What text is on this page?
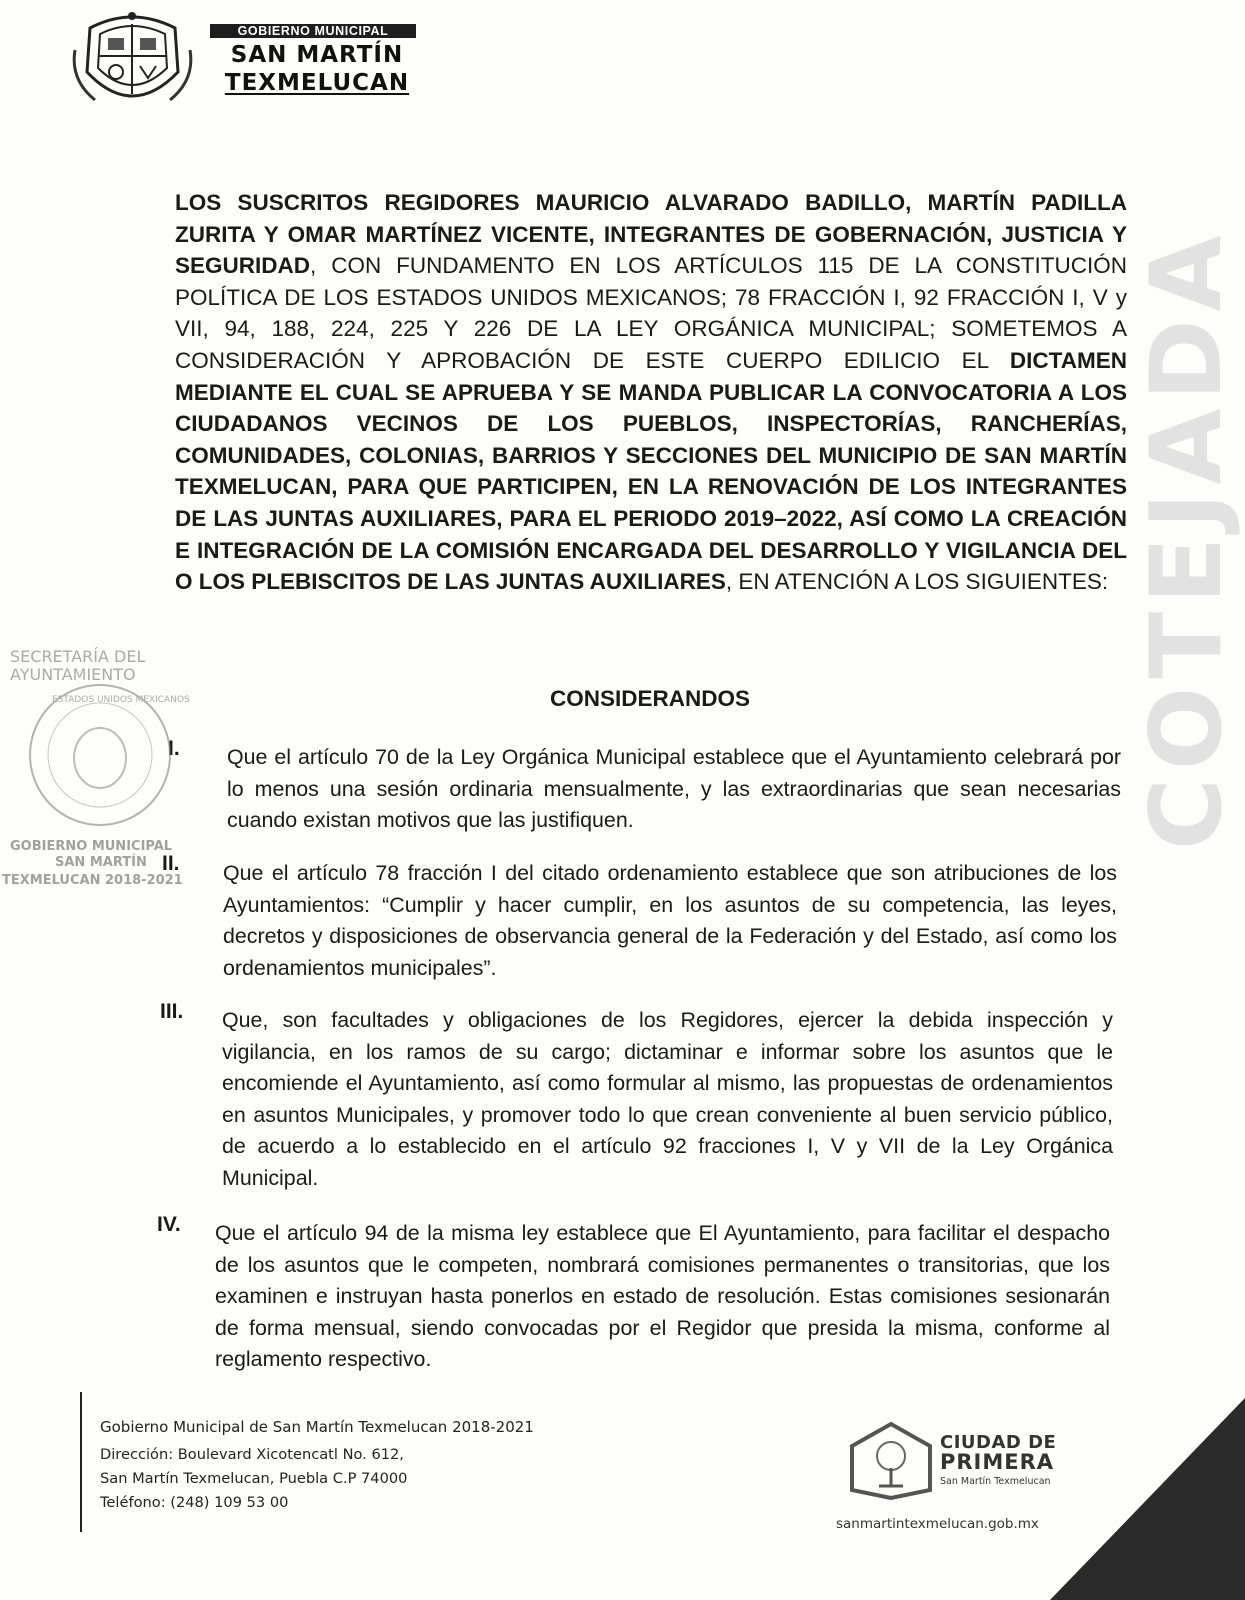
GOBIERNO MUNICIPAL
SAN MARTÍN
TEXMELUCAN
COTEJADA
LOS SUSCRITOS REGIDORES MAURICIO ALVARADO BADILLO, MARTÍN PADILLA ZURITA Y OMAR MARTÍNEZ VICENTE, INTEGRANTES DE GOBERNACIÓN, JUSTICIA Y SEGURIDAD, CON FUNDAMENTO EN LOS ARTÍCULOS 115 DE LA CONSTITUCIÓN POLÍTICA DE LOS ESTADOS UNIDOS MEXICANOS; 78 FRACCIÓN I, 92 FRACCIÓN I, V y VII, 94, 188, 224, 225 Y 226 DE LA LEY ORGÁNICA MUNICIPAL; SOMETEMOS A CONSIDERACIÓN Y APROBACIÓN DE ESTE CUERPO EDILICIO EL DICTAMEN MEDIANTE EL CUAL SE APRUEBA Y SE MANDA PUBLICAR LA CONVOCATORIA A LOS CIUDADANOS VECINOS DE LOS PUEBLOS, INSPECTORÍAS, RANCHERÍAS, COMUNIDADES, COLONIAS, BARRIOS Y SECCIONES DEL MUNICIPIO DE SAN MARTÍN TEXMELUCAN, PARA QUE PARTICIPEN, EN LA RENOVACIÓN DE LOS INTEGRANTES DE LAS JUNTAS AUXILIARES, PARA EL PERIODO 2019–2022, ASÍ COMO LA CREACIÓN E INTEGRACIÓN DE LA COMISIÓN ENCARGADA DEL DESARROLLO Y VIGILANCIA DEL O LOS PLEBISCITOS DE LAS JUNTAS AUXILIARES, EN ATENCIÓN A LOS SIGUIENTES:
CONSIDERANDOS
I. Que el artículo 70 de la Ley Orgánica Municipal establece que el Ayuntamiento celebrará por lo menos una sesión ordinaria mensualmente, y las extraordinarias que sean necesarias cuando existan motivos que las justifiquen.
II. Que el artículo 78 fracción I del citado ordenamiento establece que son atribuciones de los Ayuntamientos: “Cumplir y hacer cumplir, en los asuntos de su competencia, las leyes, decretos y disposiciones de observancia general de la Federación y del Estado, así como los ordenamientos municipales”.
III. Que, son facultades y obligaciones de los Regidores, ejercer la debida inspección y vigilancia, en los ramos de su cargo; dictaminar e informar sobre los asuntos que le encomiende el Ayuntamiento, así como formular al mismo, las propuestas de ordenamientos en asuntos Municipales, y promover todo lo que crean conveniente al buen servicio público, de acuerdo a lo establecido en el artículo 92 fracciones I, V y VII de la Ley Orgánica Municipal.
IV. Que el artículo 94 de la misma ley establece que El Ayuntamiento, para facilitar el despacho de los asuntos que le competen, nombrará comisiones permanentes o transitorias, que los examinen e instruyan hasta ponerlos en estado de resolución. Estas comisiones sesionarán de forma mensual, siendo convocadas por el Regidor que presida la misma, conforme al reglamento respectivo.
SECRETARÍA DEL
AYUNTAMIENTO
ESTADOS UNIDOS MEXICANOS
GOBIERNO MUNICIPAL
SAN MARTÍN
TEXMELUCAN 2018-2021
Gobierno Municipal de San Martín Texmelucan 2018-2021
Dirección: Boulevard Xicotencatl No. 612,
San Martín Texmelucan, Puebla C.P 74000
Teléfono: (248) 109 53 00
CIUDAD DE
PRIMERA
San Martín Texmelucan
sanmartintexmelucan.gob.mx
